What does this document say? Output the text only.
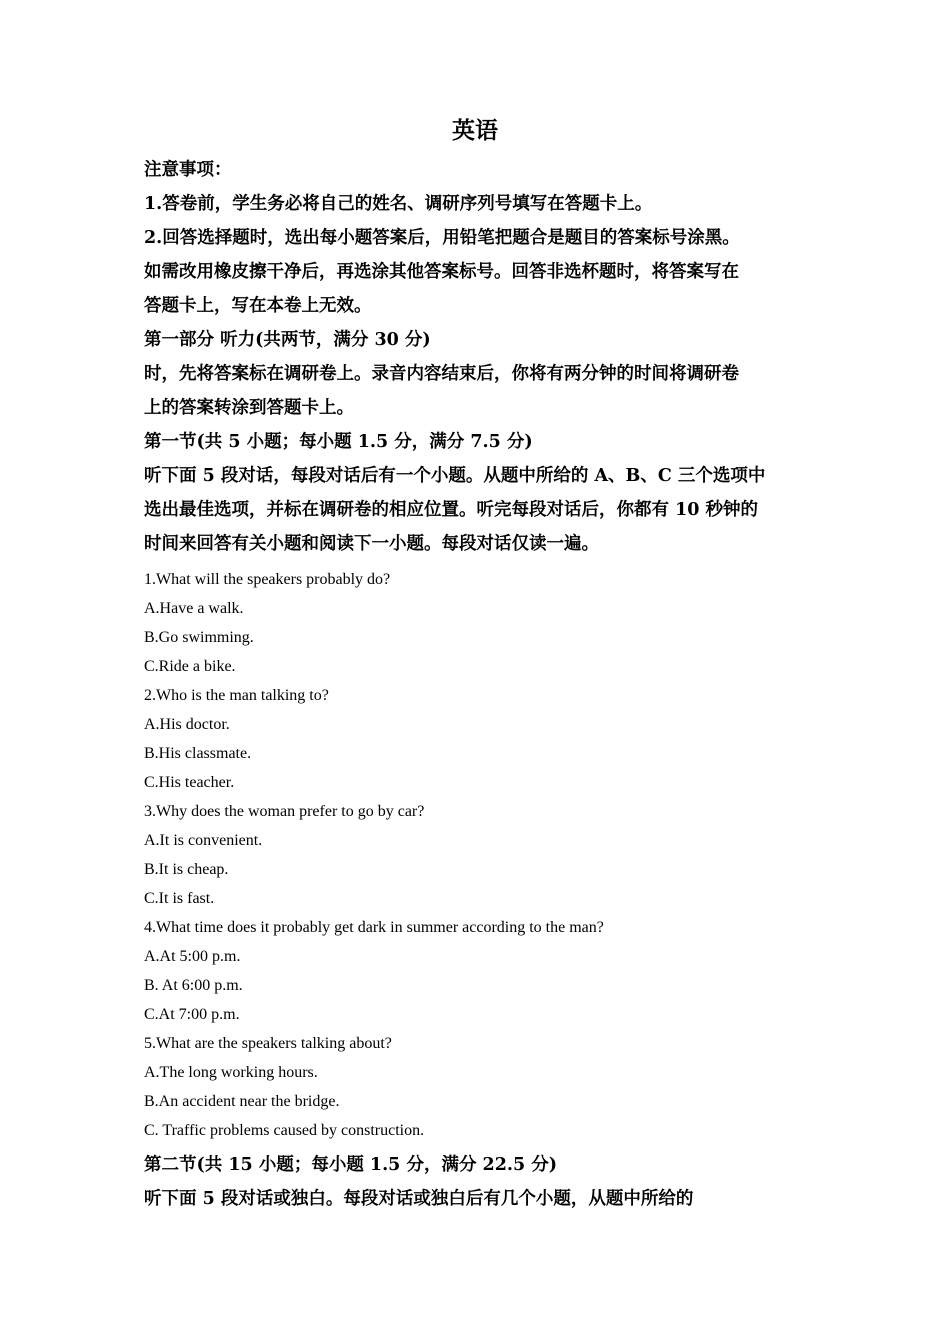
英语

注意事项：

1.答卷前，学生务必将自己的姓名、调研序列号填写在答题卡上。

2.回答选择题时，选出每小题答案后，用铅笔把题合是题目的答案标号涂黑。

如需改用橡皮擦干净后，再选涂其他答案标号。回答非选杯题时，将答案写在

答题卡上，写在本卷上无效。

第一部分 听力(共两节，满分 30 分)

时，先将答案标在调研卷上。录音内容结束后，你将有两分钟的时间将调研卷

上的答案转涂到答题卡上。

第一节(共 5 小题；每小题 1.5 分，满分 7.5 分)

听下面 5 段对话，每段对话后有一个小题。从题中所给的 A、B、C 三个选项中

选出最佳选项，并标在调研卷的相应位置。听完每段对话后，你都有 10 秒钟的

时间来回答有关小题和阅读下一小题。每段对话仅读一遍。

1.What will the speakers probably do?

A.Have a walk.

B.Go swimming.

C.Ride a bike.

2.Who is the man talking to?

A.His doctor.

B.His classmate.

C.His teacher.

3.Why does the woman prefer to go by car?

A.It is convenient.

B.It is cheap.

C.It is fast.

4.What time does it probably get dark in summer according to the man?

A.At 5:00 p.m.

B. At 6:00 p.m.

C.At 7:00 p.m.

5.What are the speakers talking about?

A.The long working hours.

B.An accident near the bridge.

C. Traffic problems caused by construction.

第二节(共 15 小题；每小题 1.5 分，满分 22.5 分)

听下面 5 段对话或独白。每段对话或独白后有几个小题，从题中所给的
